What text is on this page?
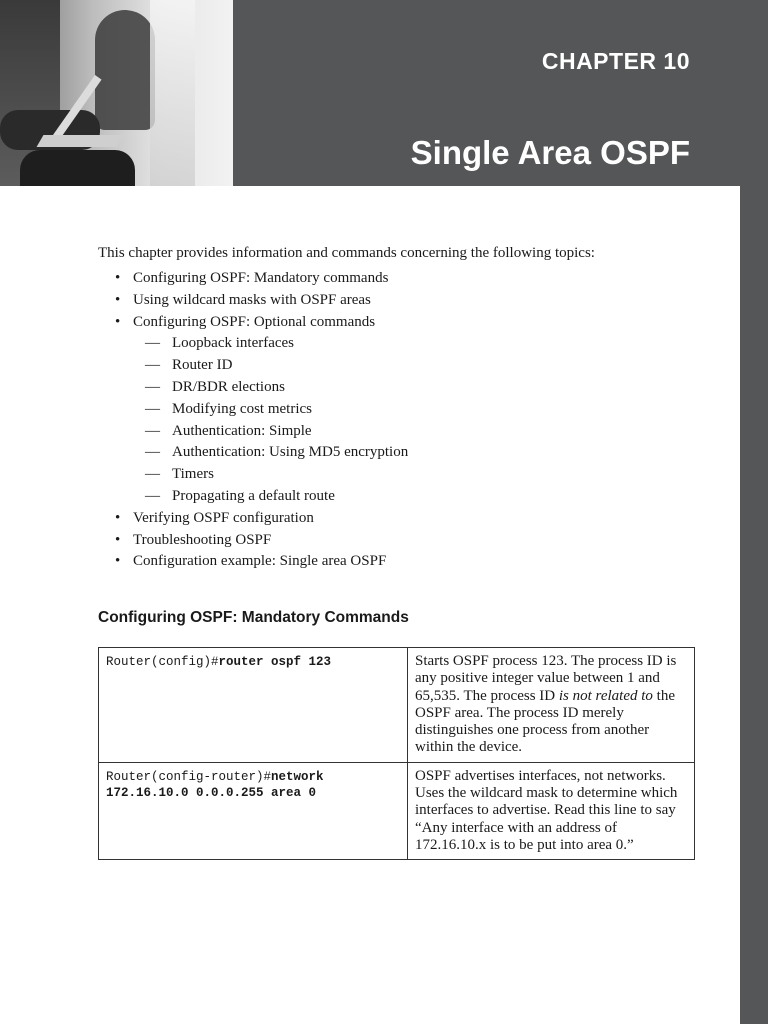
CHAPTER 10
Single Area OSPF

This chapter provides information and commands concerning the following topics:

• Configuring OSPF: Mandatory commands
• Using wildcard masks with OSPF areas
• Configuring OSPF: Optional commands
— Loopback interfaces
— Router ID
— DR/BDR elections
— Modifying cost metrics
— Authentication: Simple
— Authentication: Using MD5 encryption
— Timers
— Propagating a default route
• Verifying OSPF configuration
• Troubleshooting OSPF
• Configuration example: Single area OSPF
Configuring OSPF: Mandatory Commands
Router(config)#router ospf 123	Starts OSPF process 123. The process ID is any positive integer value between 1 and 65,535. The process ID is not related to the OSPF area. The process ID merely distinguishes one process from another within the device.
Router(config-router)#network 172.16.10.0 0.0.0.255 area 0	OSPF advertises interfaces, not networks. Uses the wildcard mask to determine which interfaces to advertise. Read this line to say “Any interface with an address of 172.16.10.x is to be put into area 0.”
